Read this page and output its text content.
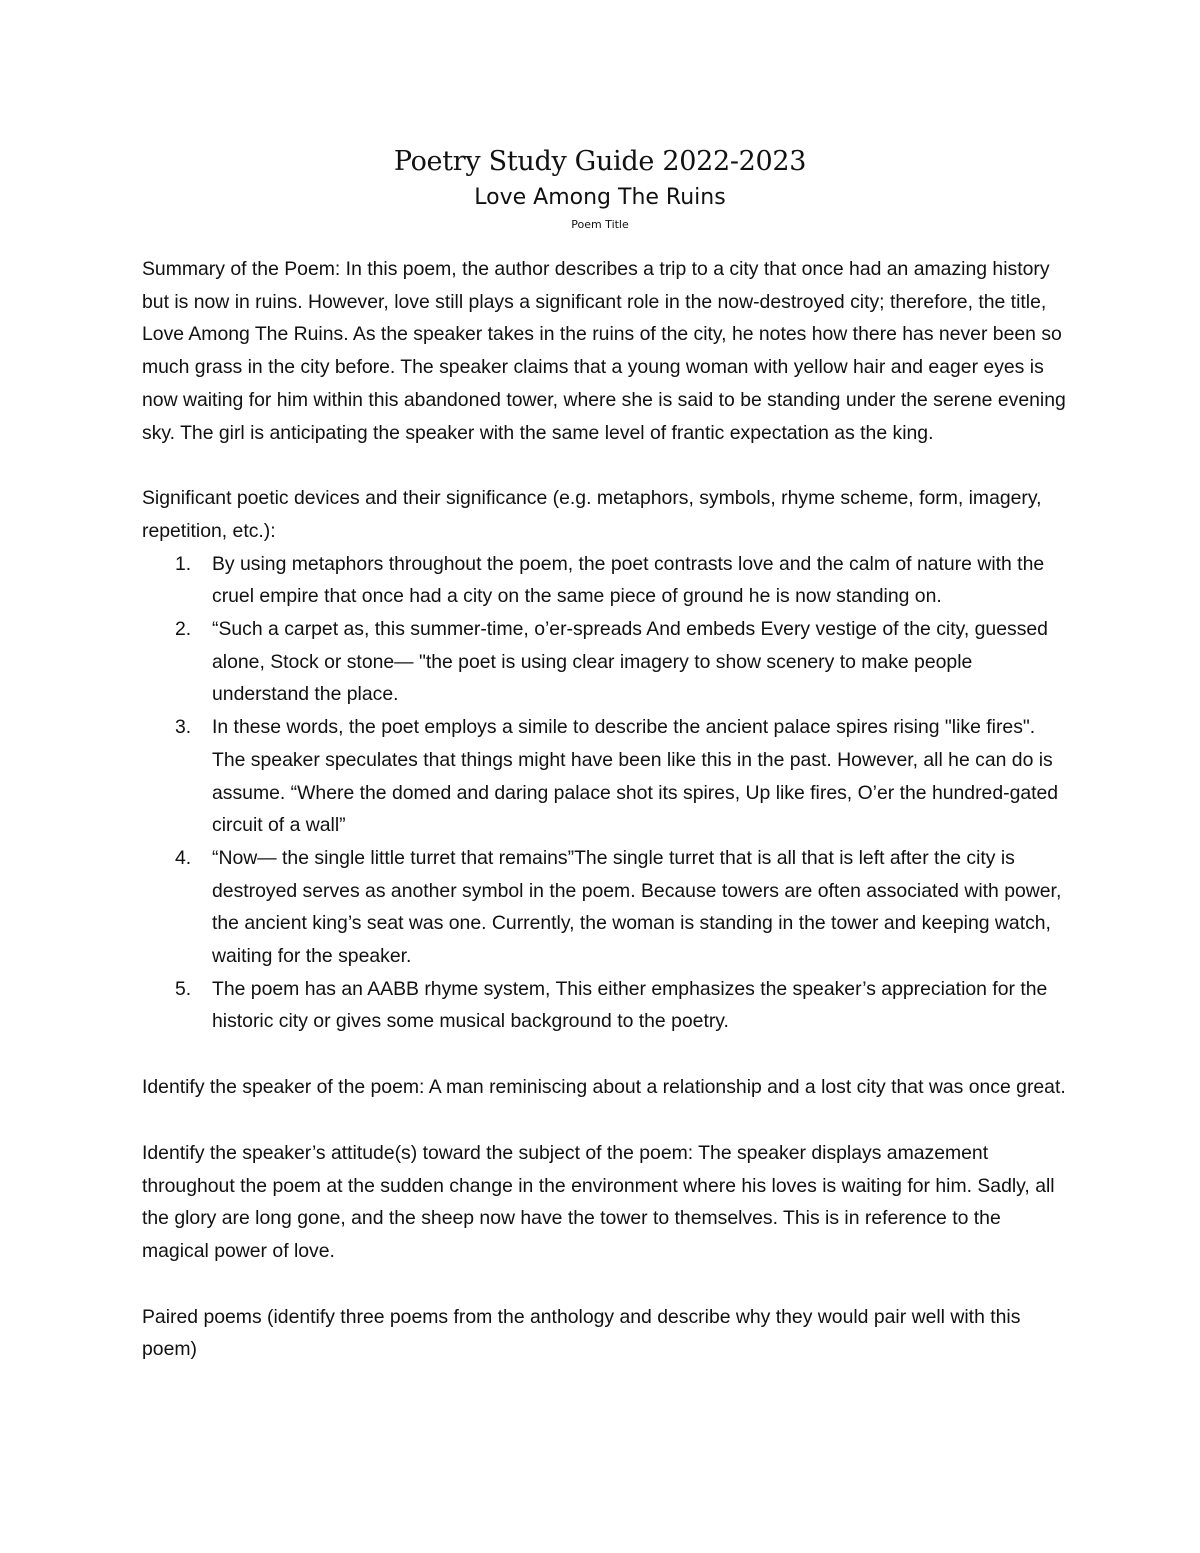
Poetry Study Guide 2022-2023
Love Among The Ruins
Poem Title

Summary of the Poem: In this poem, the author describes a trip to a city that once had an amazing history but is now in ruins. However, love still plays a significant role in the now-destroyed city; therefore, the title, Love Among The Ruins. As the speaker takes in the ruins of the city, he notes how there has never been so much grass in the city before. The speaker claims that a young woman with yellow hair and eager eyes is now waiting for him within this abandoned tower, where she is said to be standing under the serene evening sky. The girl is anticipating the speaker with the same level of frantic expectation as the king.

Significant poetic devices and their significance (e.g. metaphors, symbols, rhyme scheme, form, imagery, repetition, etc.):

1. By using metaphors throughout the poem, the poet contrasts love and the calm of nature with the cruel empire that once had a city on the same piece of ground he is now standing on.
2. “Such a carpet as, this summer-time, o’er-spreads And embeds Every vestige of the city, guessed alone, Stock or stone— "the poet is using clear imagery to show scenery to make people understand the place.
3. In these words, the poet employs a simile to describe the ancient palace spires rising "like fires". The speaker speculates that things might have been like this in the past. However, all he can do is assume. “Where the domed and daring palace shot its spires, Up like fires, O’er the hundred-gated circuit of a wall”
4. “Now— the single little turret that remains”The single turret that is all that is left after the city is destroyed serves as another symbol in the poem. Because towers are often associated with power, the ancient king’s seat was one. Currently, the woman is standing in the tower and keeping watch, waiting for the speaker.
5. The poem has an AABB rhyme system, This either emphasizes the speaker’s appreciation for the historic city or gives some musical background to the poetry.

Identify the speaker of the poem: A man reminiscing about a relationship and a lost city that was once great.

Identify the speaker’s attitude(s) toward the subject of the poem: The speaker displays amazement throughout the poem at the sudden change in the environment where his loves is waiting for him. Sadly, all the glory are long gone, and the sheep now have the tower to themselves. This is in reference to the magical power of love.

Paired poems (identify three poems from the anthology and describe why they would pair well with this poem)
